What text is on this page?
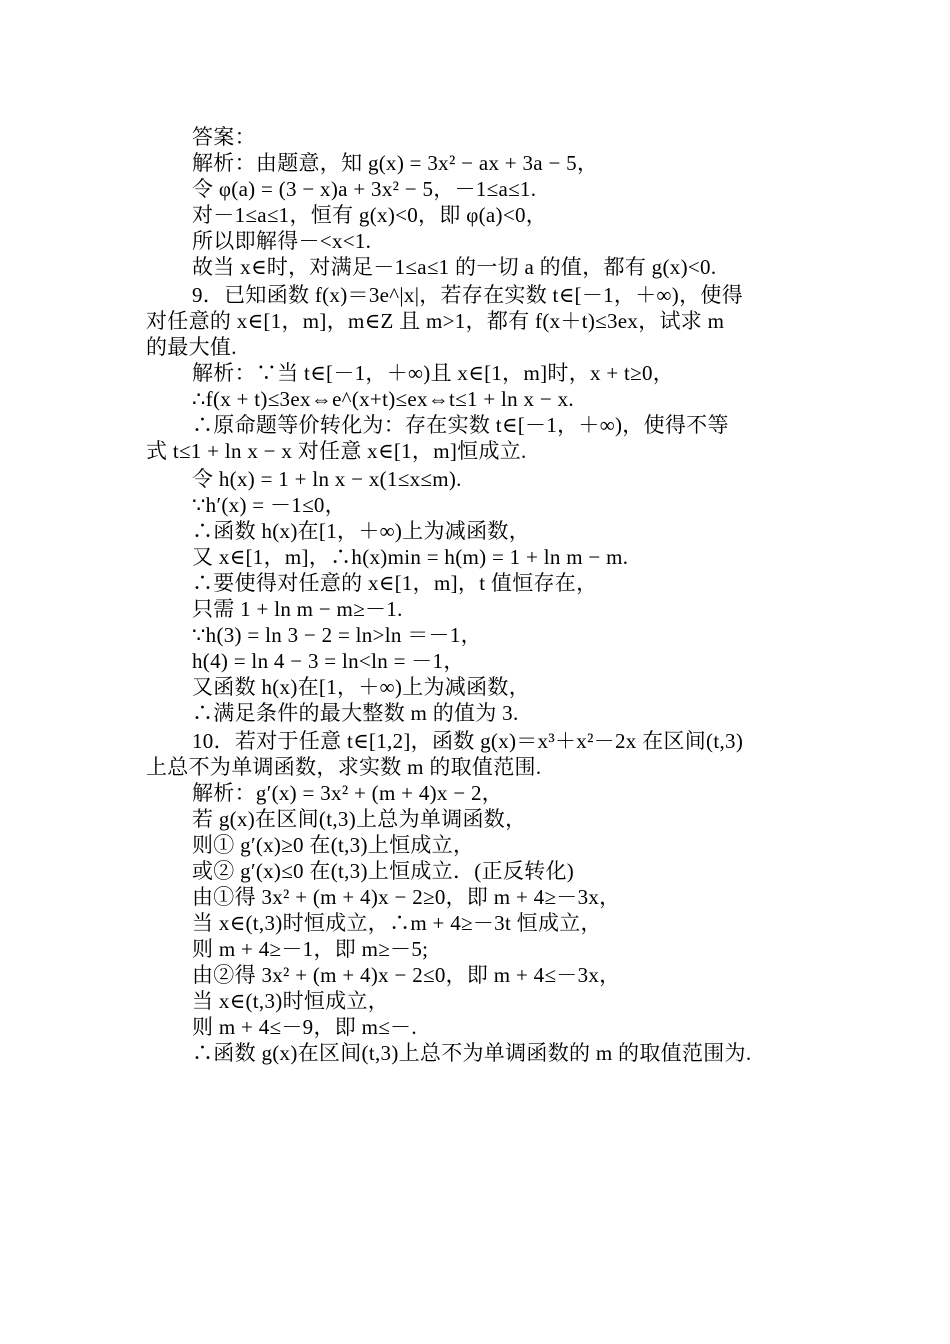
答案：
解析：由题意，知 g(x) = 3x² − ax + 3a − 5，
令 φ(a) = (3 − x)a + 3x² − 5，－1≤a≤1.
对－1≤a≤1，恒有 g(x)<0，即 φ(a)<0，
所以即解得－<x<1.
故当 x∈时，对满足－1≤a≤1 的一切 a 的值，都有 g(x)<0.
9．已知函数 f(x)＝3e^|x|，若存在实数 t∈[－1，＋∞)，使得
对任意的 x∈[1，m]，m∈Z 且 m>1，都有 f(x＋t)≤3ex，试求 m
的最大值.
解析：∵当 t∈[－1，＋∞)且 x∈[1，m]时，x + t≥0，
∴f(x + t)≤3ex⇔e^(x+t)≤ex⇔t≤1 + ln x − x.
∴原命题等价转化为：存在实数 t∈[－1，＋∞)，使得不等
式 t≤1 + ln x − x 对任意 x∈[1，m]恒成立.
令 h(x) = 1 + ln x − x(1≤x≤m).
∵h′(x) = －1≤0，
∴函数 h(x)在[1，＋∞)上为减函数，
又 x∈[1，m]，∴h(x)min = h(m) = 1 + ln m − m.
∴要使得对任意的 x∈[1，m]，t 值恒存在，
只需 1 + ln m − m≥－1.
∵h(3) = ln 3 − 2 = ln>ln ＝－1，
h(4) = ln 4 − 3 = ln<ln = －1，
又函数 h(x)在[1，＋∞)上为减函数，
∴满足条件的最大整数 m 的值为 3.
10．若对于任意 t∈[1,2]，函数 g(x)＝x³＋x²－2x 在区间(t,3)
上总不为单调函数，求实数 m 的取值范围.
解析：g′(x) = 3x² + (m + 4)x − 2，
若 g(x)在区间(t,3)上总为单调函数，
则① g′(x)≥0 在(t,3)上恒成立，
或② g′(x)≤0 在(t,3)上恒成立．(正反转化)
由①得 3x² + (m + 4)x − 2≥0，即 m + 4≥－3x，
当 x∈(t,3)时恒成立，∴m + 4≥－3t 恒成立，
则 m + 4≥－1，即 m≥－5;
由②得 3x² + (m + 4)x − 2≤0，即 m + 4≤－3x，
当 x∈(t,3)时恒成立，
则 m + 4≤－9，即 m≤－.
∴函数 g(x)在区间(t,3)上总不为单调函数的 m 的取值范围为.
